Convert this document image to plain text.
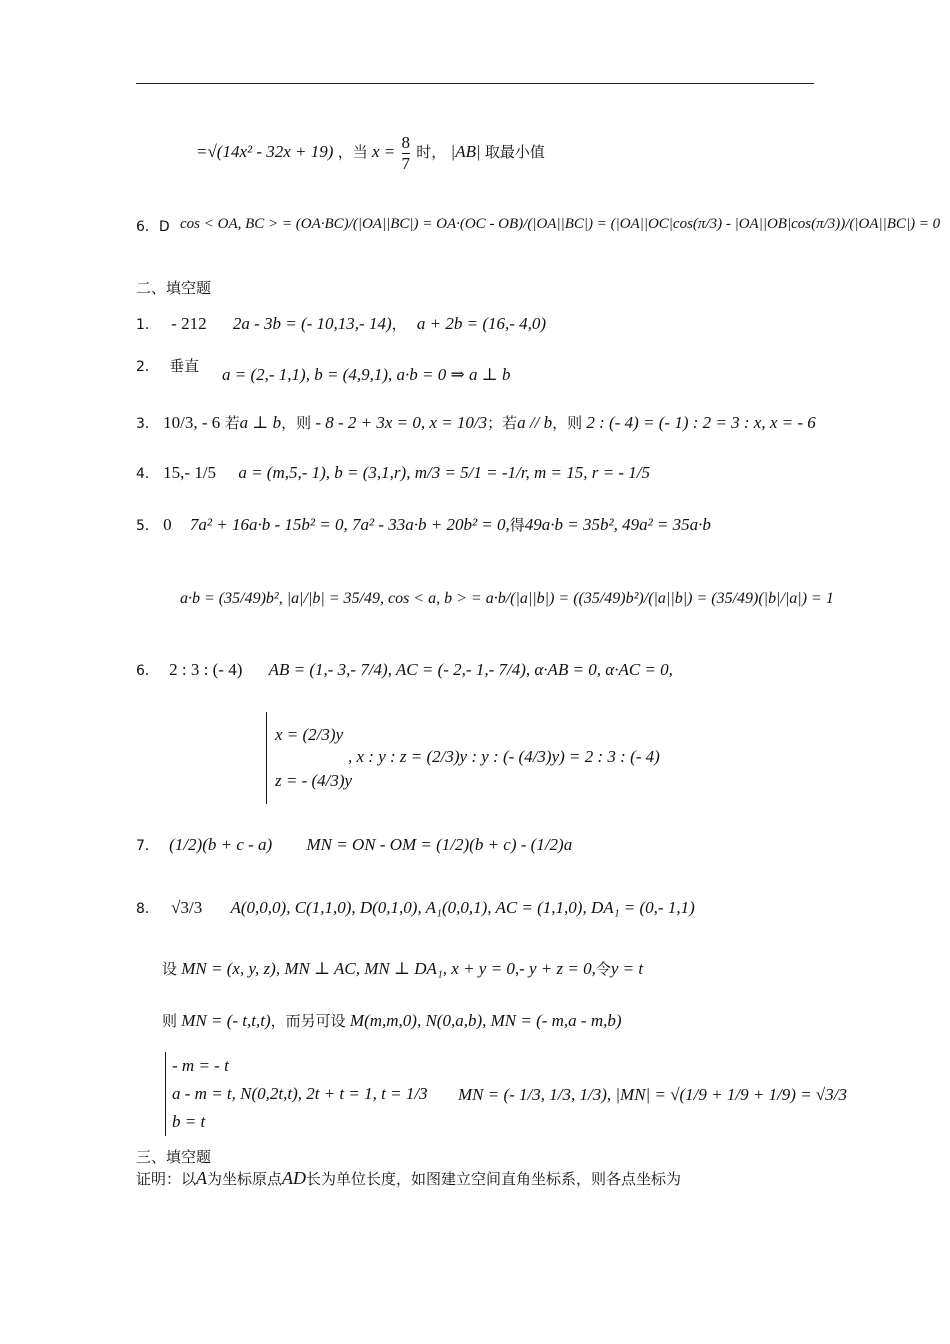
=√(14x² - 32x + 19) ，当 $x = \frac{8}{7}$ 时， |AB| 取最小值
6．D cos < OA, BC > = (OA·BC)/(|OA||BC|) = OA·(OC - OB)/(|OA||BC|) = (|OA||OC|cos(π/3) - |OA||OB|cos(π/3))/(|OA||BC|) = 0
二、填空题
1． - 212 2a - 3b = (- 10,13,- 14)， a + 2b = (16,- 4,0)
2． 垂直 a = (2,- 1,1), b = (4,9,1), a·b = 0 ⇒ a ⊥ b
3． 10/3, - 6 若a ⊥ b，则 - 8 - 2 + 3x = 0, x = 10/3；若a // b，则 2 : (- 4) = (- 1) : 2 = 3 : x, x = - 6
4． 15,- 1/5 a = (m,5,- 1), b = (3,1,r), m/3 = 5/1 = -1/r, m = 15, r = - 1/5
5． 0 7a² + 16a·b - 15b² = 0, 7a² - 33a·b + 20b² = 0,得49a·b = 35b², 49a² = 35a·b
a·b = (35/49)b², |a|/|b| = 35/49, cos < a, b > = a·b/(|a||b|) = ((35/49)b²)/(|a||b|) = (35/49)(|b|/|a|) = 1
6． 2 : 3 : (- 4) AB = (1,- 3,- 7/4), AC = (- 2,- 1,- 7/4), α·AB = 0, α·AC = 0,
x = (2/3)y
z = - (4/3)y
, x : y : z = (2/3)y : y : (- (4/3)y) = 2 : 3 : (- 4)
7． (1/2)(b + c - a) MN = ON - OM = (1/2)(b + c) - (1/2)a
8． √3/3 A(0,0,0), C(1,1,0), D(0,1,0), A₁(0,0,1), AC = (1,1,0), DA₁ = (0,- 1,1)
设 MN = (x, y, z), MN ⊥ AC, MN ⊥ DA₁, x + y = 0,- y + z = 0,令y = t
则 MN = (- t,t,t)，而另可设 M(m,m,0), N(0,a,b), MN = (- m,a - m,b)
- m = - t
a - m = t, N(0,2t,t), 2t + t = 1, t = 1/3
b = t
MN = (- 1/3, 1/3, 1/3), |MN| = √(1/9 + 1/9 + 1/9) = √3/3
三、填空题
证明：以A为坐标原点AD长为单位长度，如图建立空间直角坐标系，则各点坐标为
